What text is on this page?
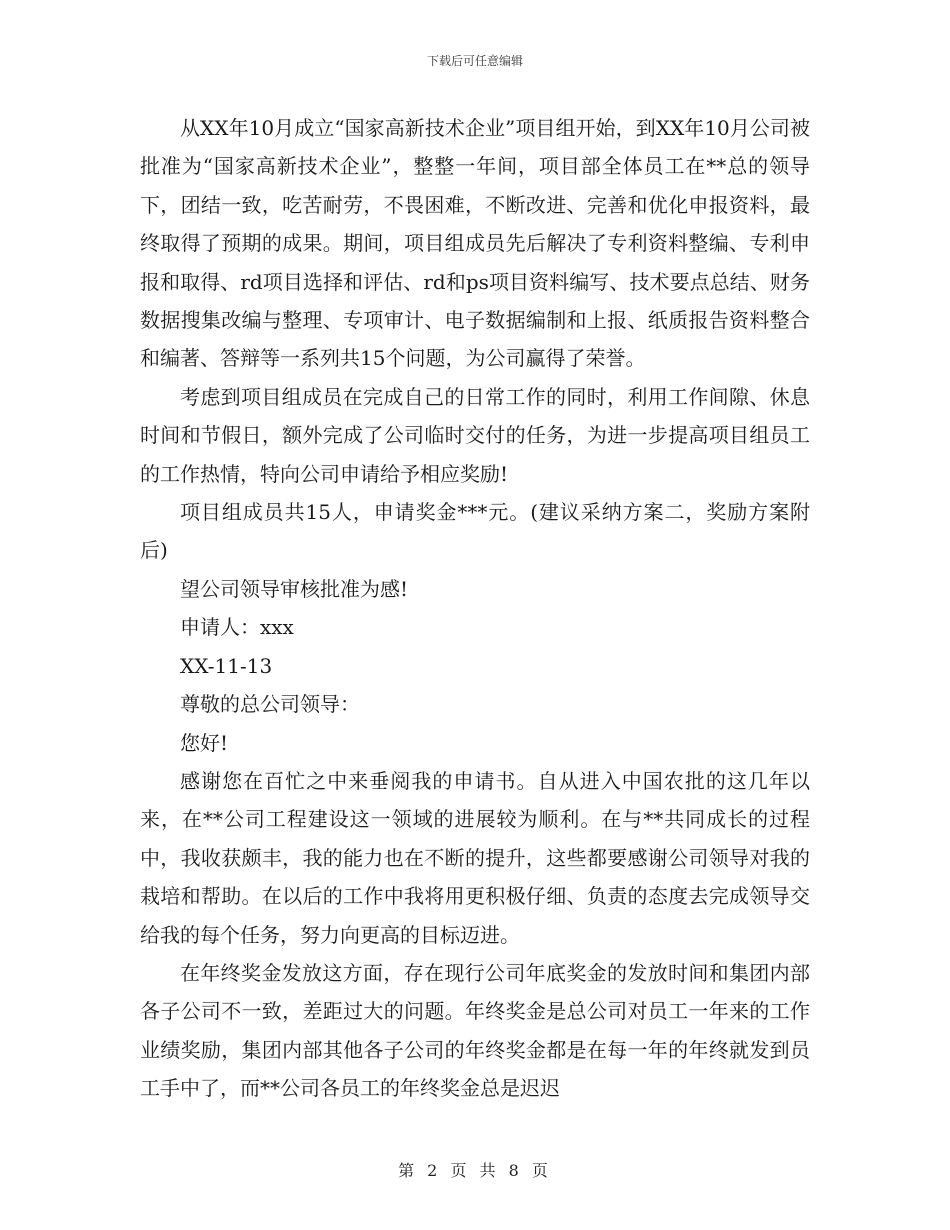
下载后可任意编辑

从XX年10月成立“国家高新技术企业”项目组开始，到XX年10月公司被批准为“国家高新技术企业”，整整一年间，项目部全体员工在**总的领导下，团结一致，吃苦耐劳，不畏困难，不断改进、完善和优化申报资料，最终取得了预期的成果。期间，项目组成员先后解决了专利资料整编、专利申报和取得、rd项目选择和评估、rd和ps项目资料编写、技术要点总结、财务数据搜集改编与整理、专项审计、电子数据编制和上报、纸质报告资料整合和编著、答辩等一系列共15个问题，为公司赢得了荣誉。

考虑到项目组成员在完成自己的日常工作的同时，利用工作间隙、休息时间和节假日，额外完成了公司临时交付的任务，为进一步提高项目组员工的工作热情，特向公司申请给予相应奖励!

项目组成员共15人，申请奖金***元。(建议采纳方案二，奖励方案附后)

望公司领导审核批准为感!

申请人：xxx

XX-11-13

尊敬的总公司领导：

您好!

感谢您在百忙之中来垂阅我的申请书。自从进入中国农批的这几年以来，在**公司工程建设这一领域的进展较为顺利。在与**共同成长的过程中，我收获颇丰，我的能力也在不断的提升，这些都要感谢公司领导对我的栽培和帮助。在以后的工作中我将用更积极仔细、负责的态度去完成领导交给我的每个任务，努力向更高的目标迈进。

在年终奖金发放这方面，存在现行公司年底奖金的发放时间和集团内部各子公司不一致，差距过大的问题。年终奖金是总公司对员工一年来的工作业绩奖励，集团内部其他各子公司的年终奖金都是在每一年的年终就发到员工手中了，而**公司各员工的年终奖金总是迟迟

第 2 页 共 8 页
